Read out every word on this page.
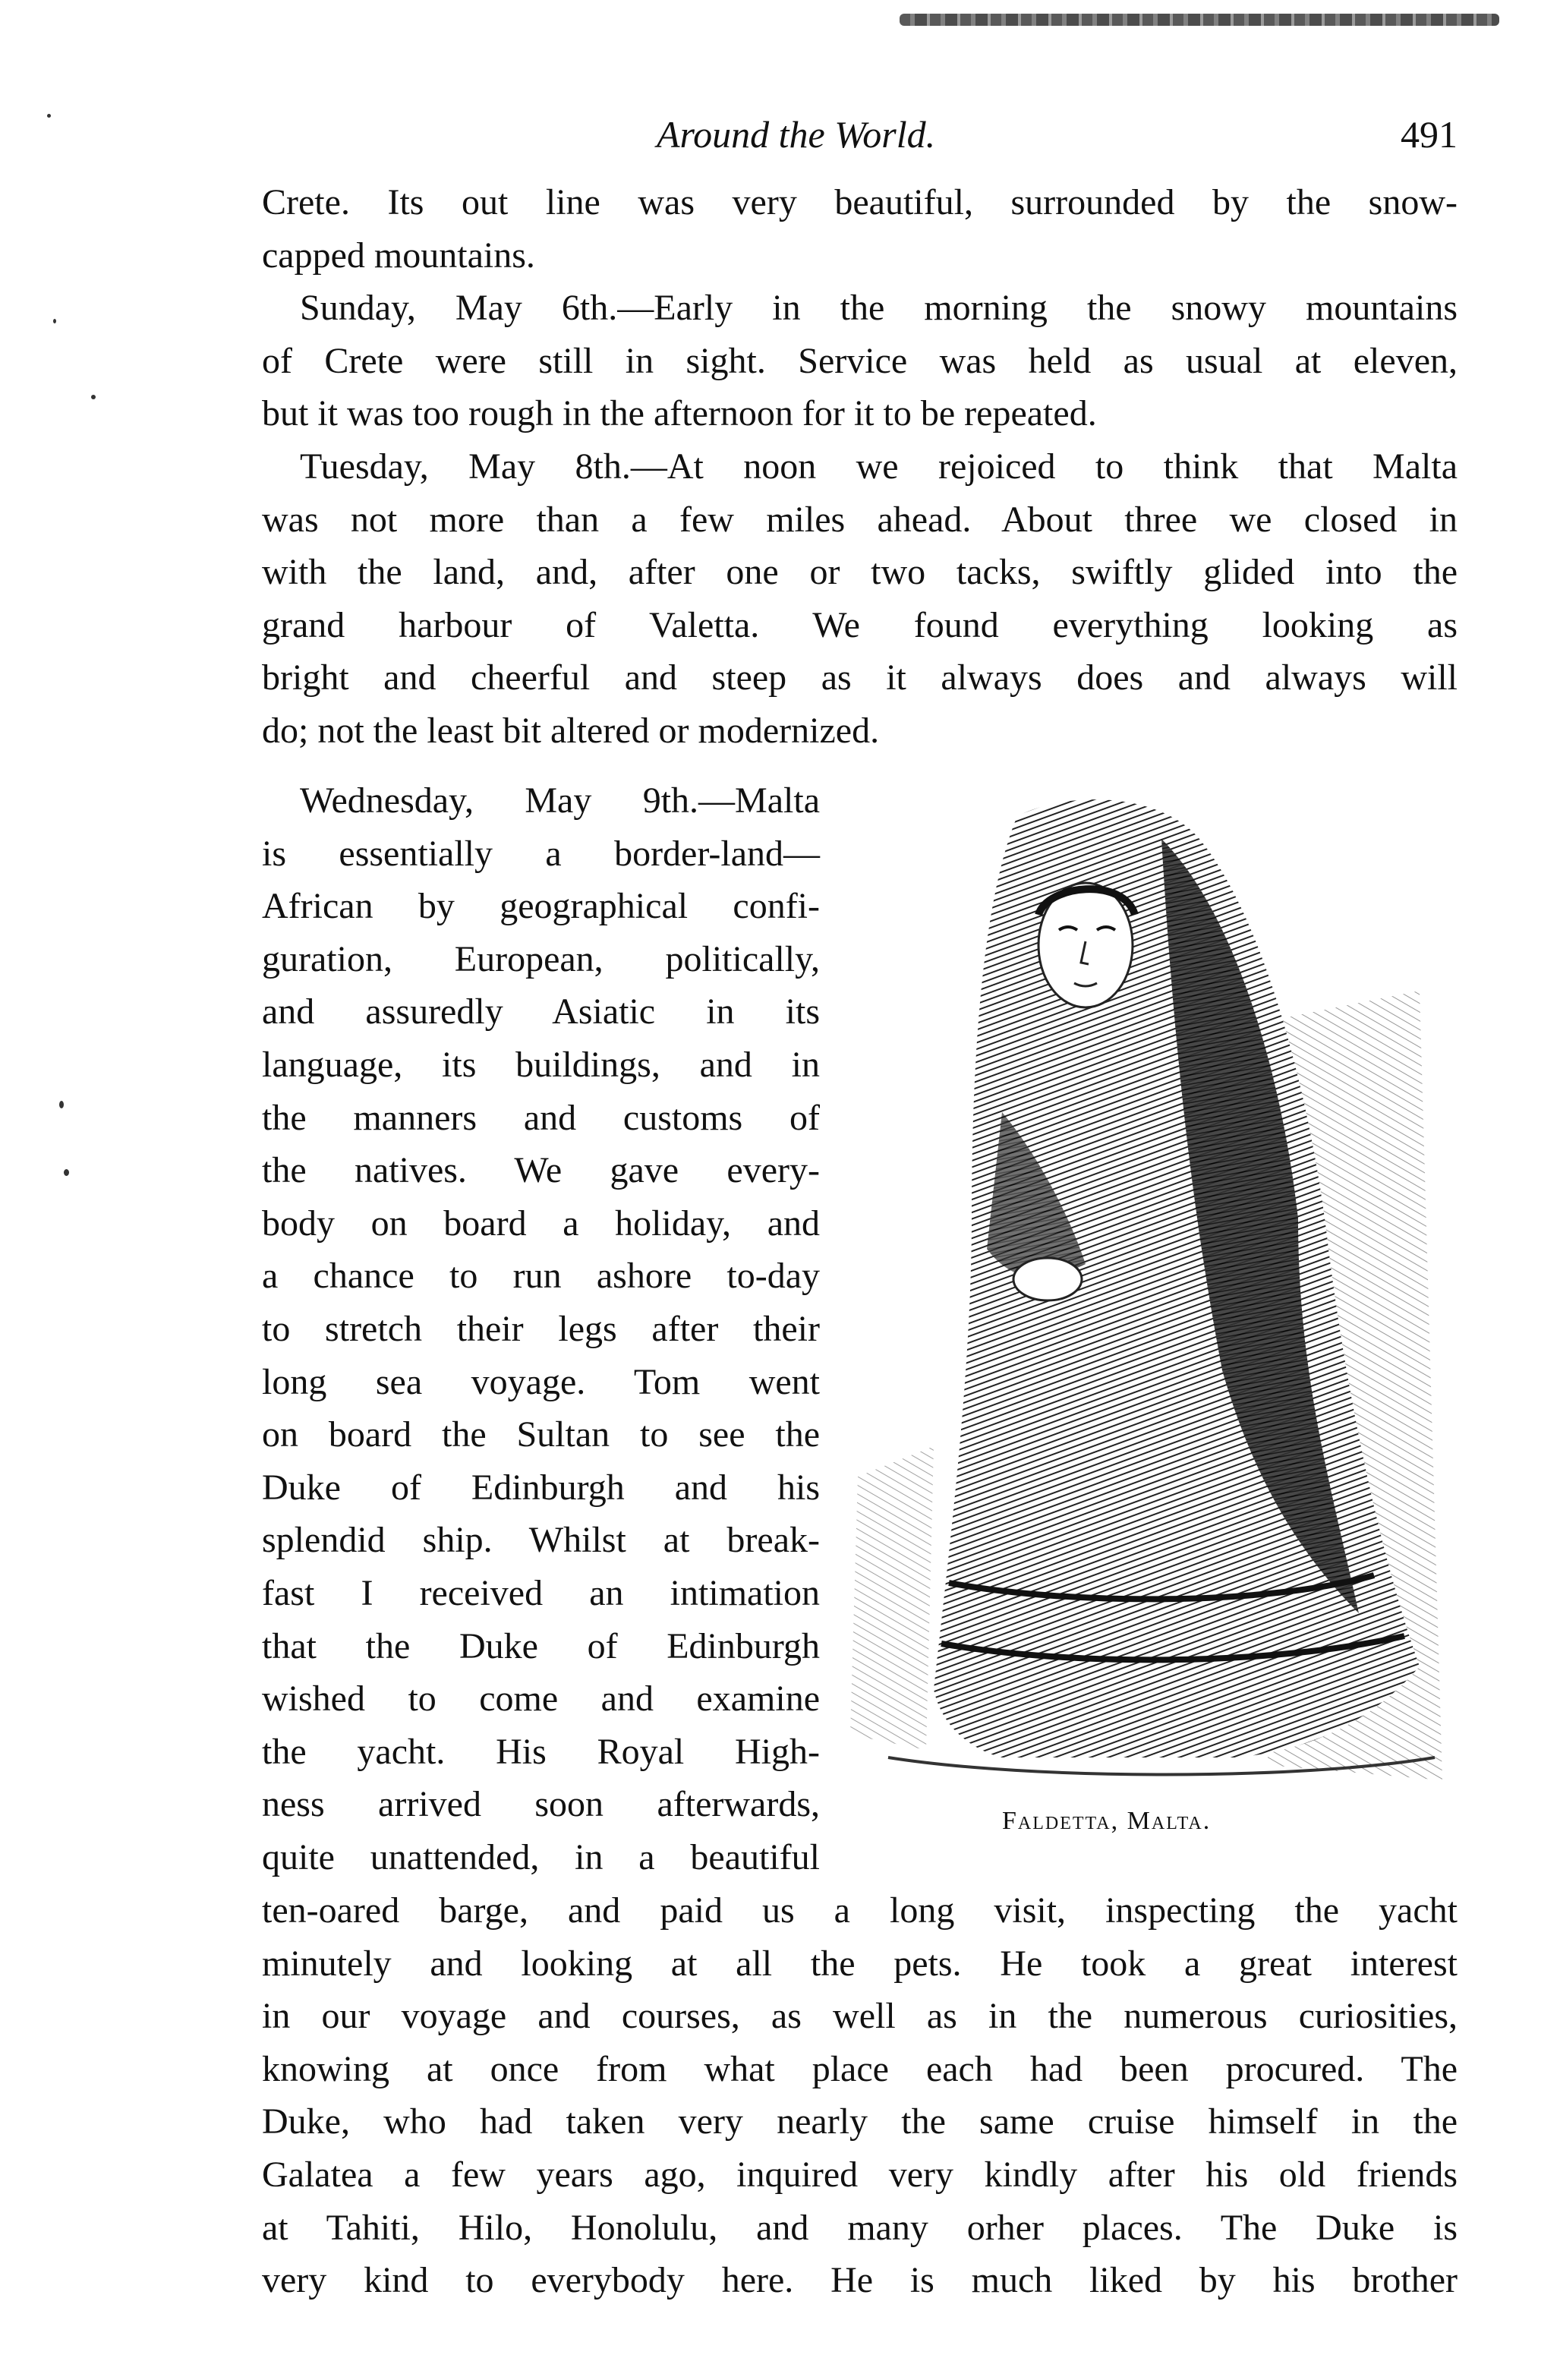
Around the World.	491
Crete. Its out line was very beautiful, surrounded by the snow-
capped mountains.
Sunday, May 6th.—Early in the morning the snowy mountains
of Crete were still in sight. Service was held as usual at eleven,
but it was too rough in the afternoon for it to be repeated.
Tuesday, May 8th.—At noon we rejoiced to think that Malta
was not more than a few miles ahead. About three we closed in
with the land, and, after one or two tacks, swiftly glided into the
grand harbour of Valetta. We found everything looking as
bright and cheerful and steep as it always does and always will
do; not the least bit altered or modernized.
Wednesday, May 9th.—Malta
is essentially a border-land—
African by geographical confi-
guration, European, politically,
and assuredly Asiatic in its
language, its buildings, and in
the manners and customs of
the natives. We gave every-
body on board a holiday, and
a chance to run ashore to-day
to stretch their legs after their
long sea voyage. Tom went
on board the Sultan to see the
Duke of Edinburgh and his
splendid ship. Whilst at break-
fast I received an intimation
that the Duke of Edinburgh
wished to come and examine
the yacht. His Royal High-
ness arrived soon afterwards,
quite unattended, in a beautiful
Faldetta, Malta.
ten-oared barge, and paid us a long visit, inspecting the yacht
minutely and looking at all the pets. He took a great interest
in our voyage and courses, as well as in the numerous curiosities,
knowing at once from what place each had been procured. The
Duke, who had taken very nearly the same cruise himself in the
Galatea a few years ago, inquired very kindly after his old friends
at Tahiti, Hilo, Honolulu, and many orher places. The Duke is
very kind to everybody here. He is much liked by his brother
